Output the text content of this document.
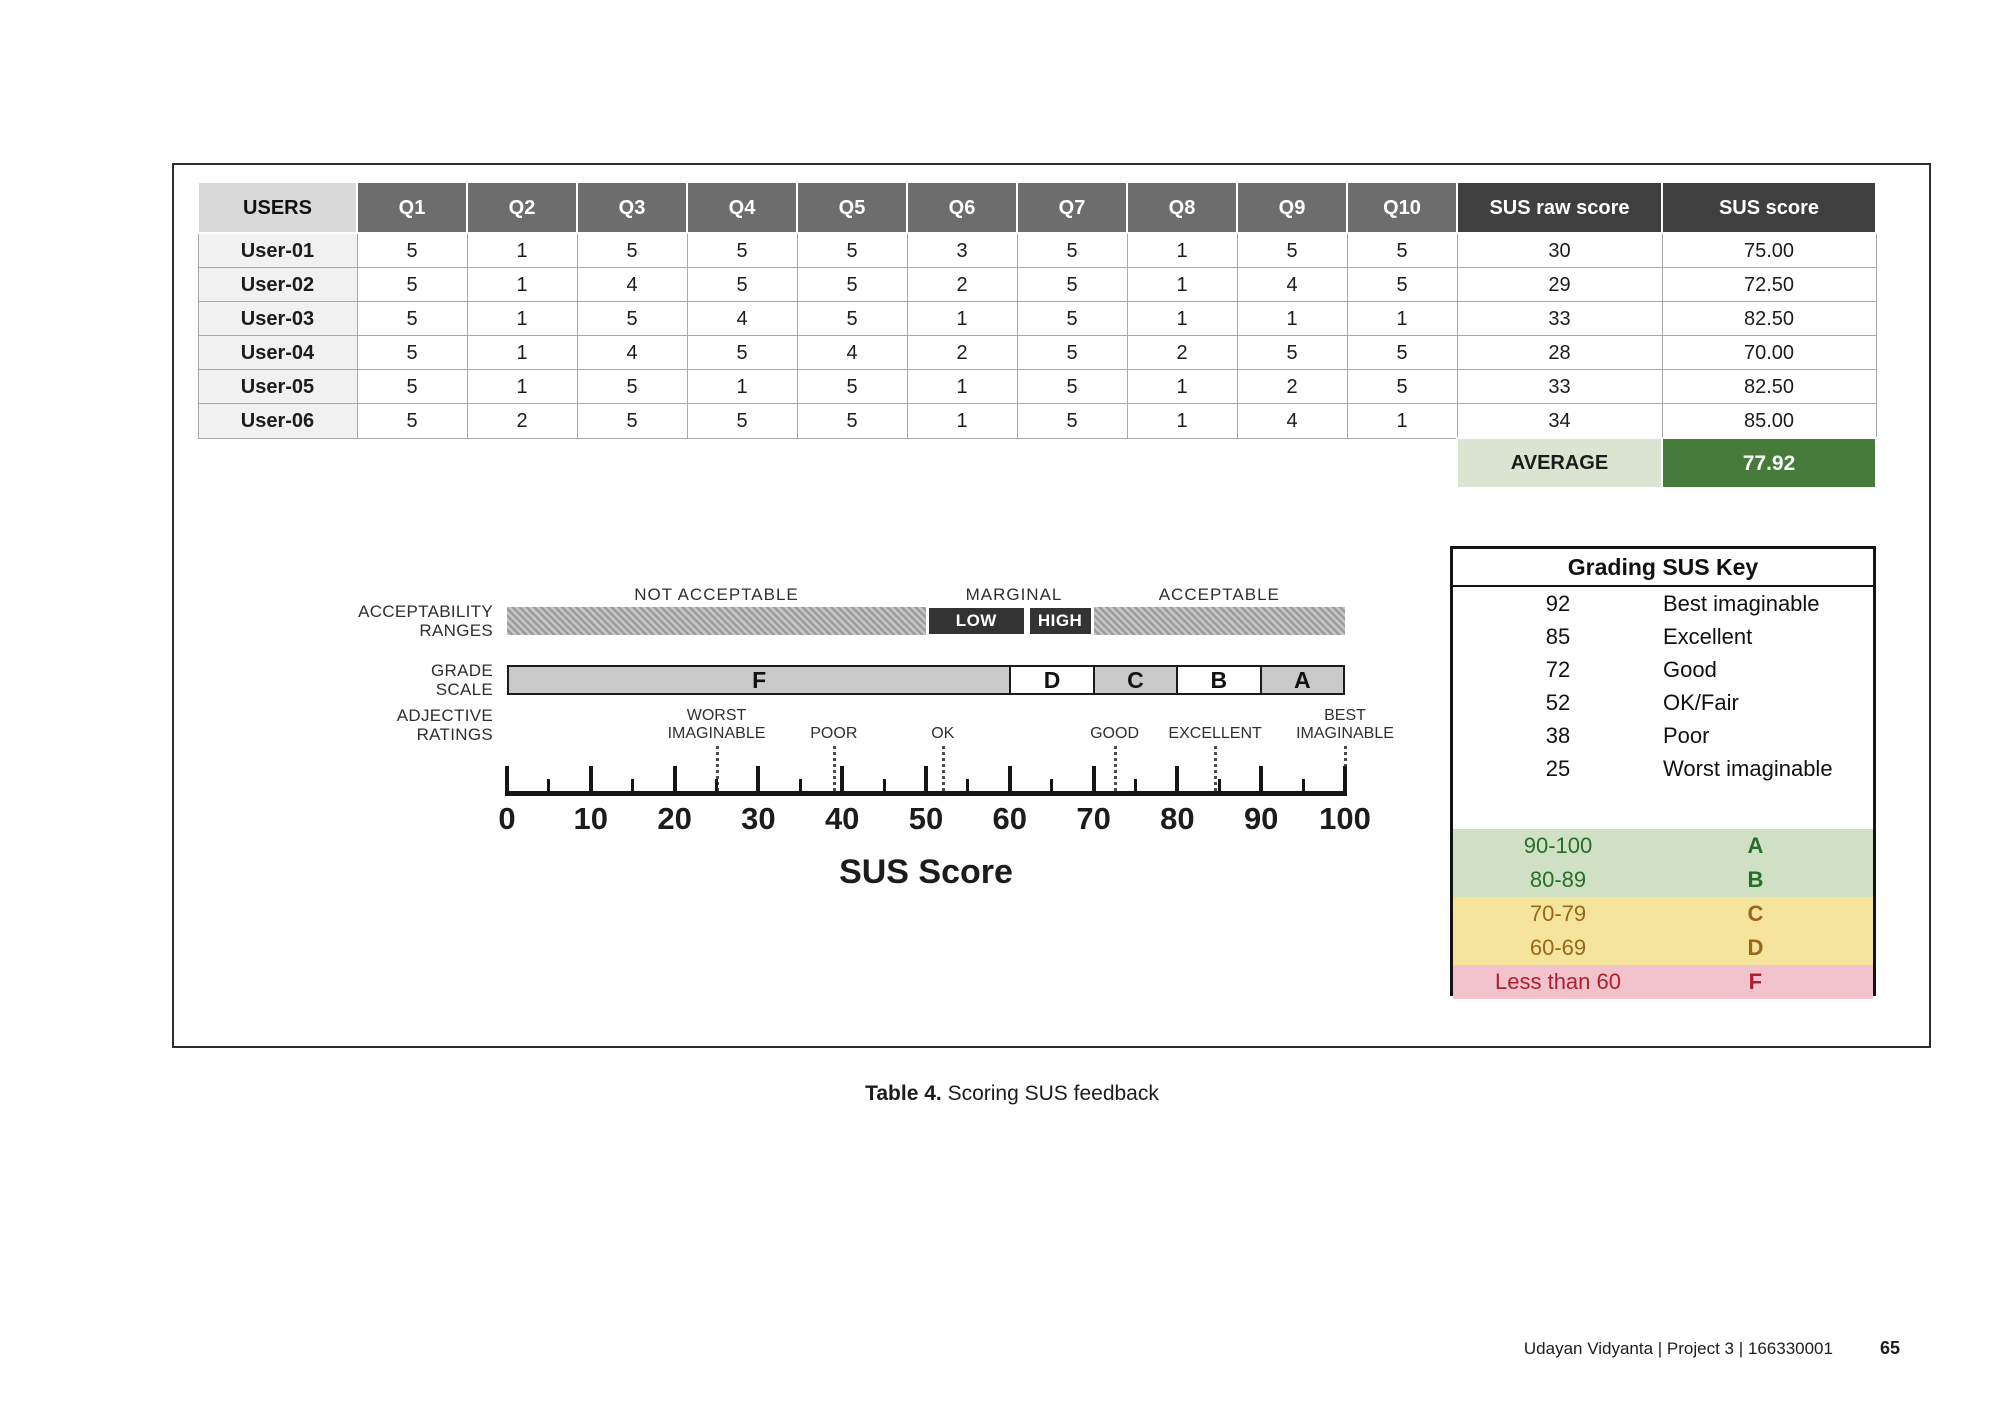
USERS	Q1	Q2	Q3	Q4	Q5	Q6	Q7	Q8	Q9	Q10	SUS raw score	SUS score
User-01	5	1	5	5	5	3	5	1	5	5	30	75.00
User-02	5	1	4	5	5	2	5	1	4	5	29	72.50
User-03	5	1	5	4	5	1	5	1	1	1	33	82.50
User-04	5	1	4	5	4	2	5	2	5	5	28	70.00
User-05	5	1	5	1	5	1	5	1	2	5	33	82.50
User-06	5	2	5	5	5	1	5	1	4	1	34	85.00
											AVERAGE	77.92
ACCEPTABILITY
RANGES
GRADE
SCALE
ADJECTIVE
RATINGS
NOT ACCEPTABLE	MARGINAL	ACCEPTABLE
LOW	HIGH
F	D	C	B	A
WORST
IMAGINABLE	POOR	OK	GOOD EXCELLENT
BEST
IMAGINABLE
0 10 20 30 40 50 60 70 80 90 100
SUS Score
Grading SUS Key
92	Best imaginable
85	Excellent
72	Good
52	OK/Fair
38	Poor
25	Worst imaginable
90-100	A
80-89	B
70-79	C
60-69	D
Less than 60	F
Table 4. Scoring SUS feedback
Udayan Vidyanta | Project 3 | 166330001	65
